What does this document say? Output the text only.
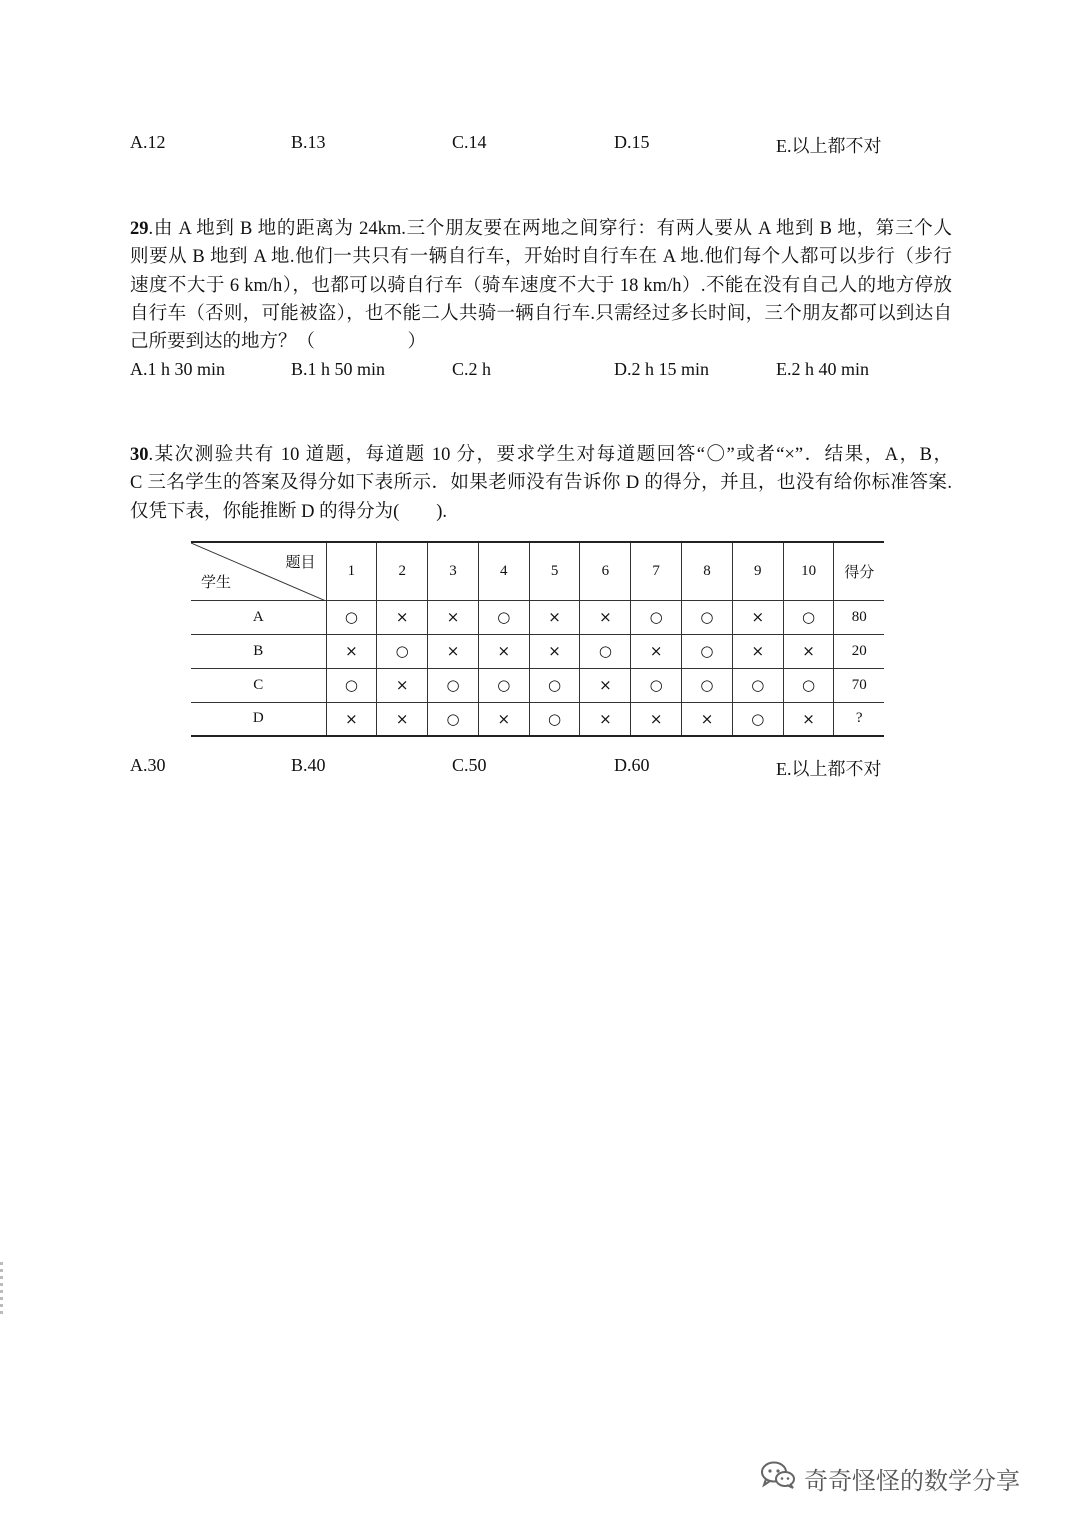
A.12	B.13	C.14	D.15	E.以上都不对
29.由 A 地到 B 地的距离为 24km.三个朋友要在两地之间穿行：有两人要从 A 地到 B 地，第三个人
则要从 B 地到 A 地.他们一共只有一辆自行车，开始时自行车在 A 地.他们每个人都可以步行（步行
速度不大于 6 km/h），也都可以骑自行车（骑车速度不大于 18 km/h）.不能在没有自己人的地方停放
自行车（否则，可能被盗），也不能二人共骑一辆自行车.只需经过多长时间，三个朋友都可以到达自
己所要到达的地方？（　　　　　）
A.1 h 30 min	B.1 h 50 min	C.2 h	D.2 h 15 min	E.2 h 40 min
30.某次测验共有 10 道题，每道题 10 分，要求学生对每道题回答“〇”或者“×”．结果，A，B，
C 三名学生的答案及得分如下表所示．如果老师没有告诉你 D 的得分，并且，也没有给你标准答案.
仅凭下表，你能推断 D 的得分为(　　).
题目
学生	1	2	3	4	5	6	7	8	9	10	得分
A	○	×	×	○	×	×	○	○	×	○	80
B	×	○	×	×	×	○	×	○	×	×	20
C	○	×	○	○	○	×	○	○	○	○	70
D	×	×	○	×	○	×	×	×	○	×	?
A.30	B.40	C.50	D.60	E.以上都不对
奇奇怪怪的数学分享
